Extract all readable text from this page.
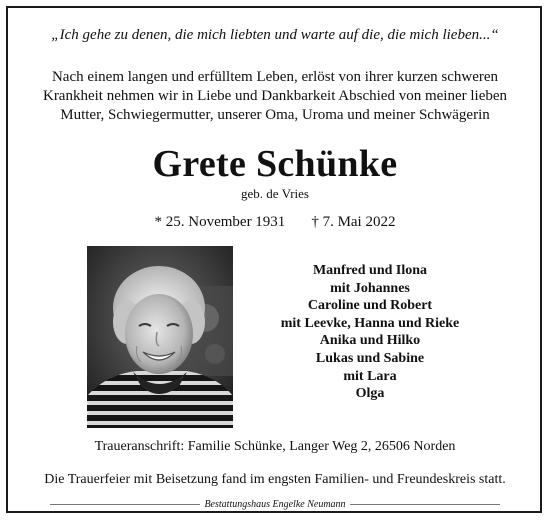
„Ich gehe zu denen, die mich liebten und warte auf die, die mich lieben...“
Nach einem langen und erfülltem Leben, erlöst von ihrer kurzen schweren
Krankheit nehmen wir in Liebe und Dankbarkeit Abschied von meiner lieben
Mutter, Schwiegermutter, unserer Oma, Uroma und meiner Schwägerin
Grete Schünke
geb. de Vries
* 25. November 1931 † 7. Mai 2022
Manfred und Ilona
mit Johannes
Caroline und Robert
mit Leevke, Hanna und Rieke
Anika und Hilko
Lukas und Sabine
mit Lara
Olga
Traueranschrift: Familie Schünke, Langer Weg 2, 26506 Norden
Die Trauerfeier mit Beisetzung fand im engsten Familien- und Freundeskreis statt.
Bestattungshaus Engelke Neumann
